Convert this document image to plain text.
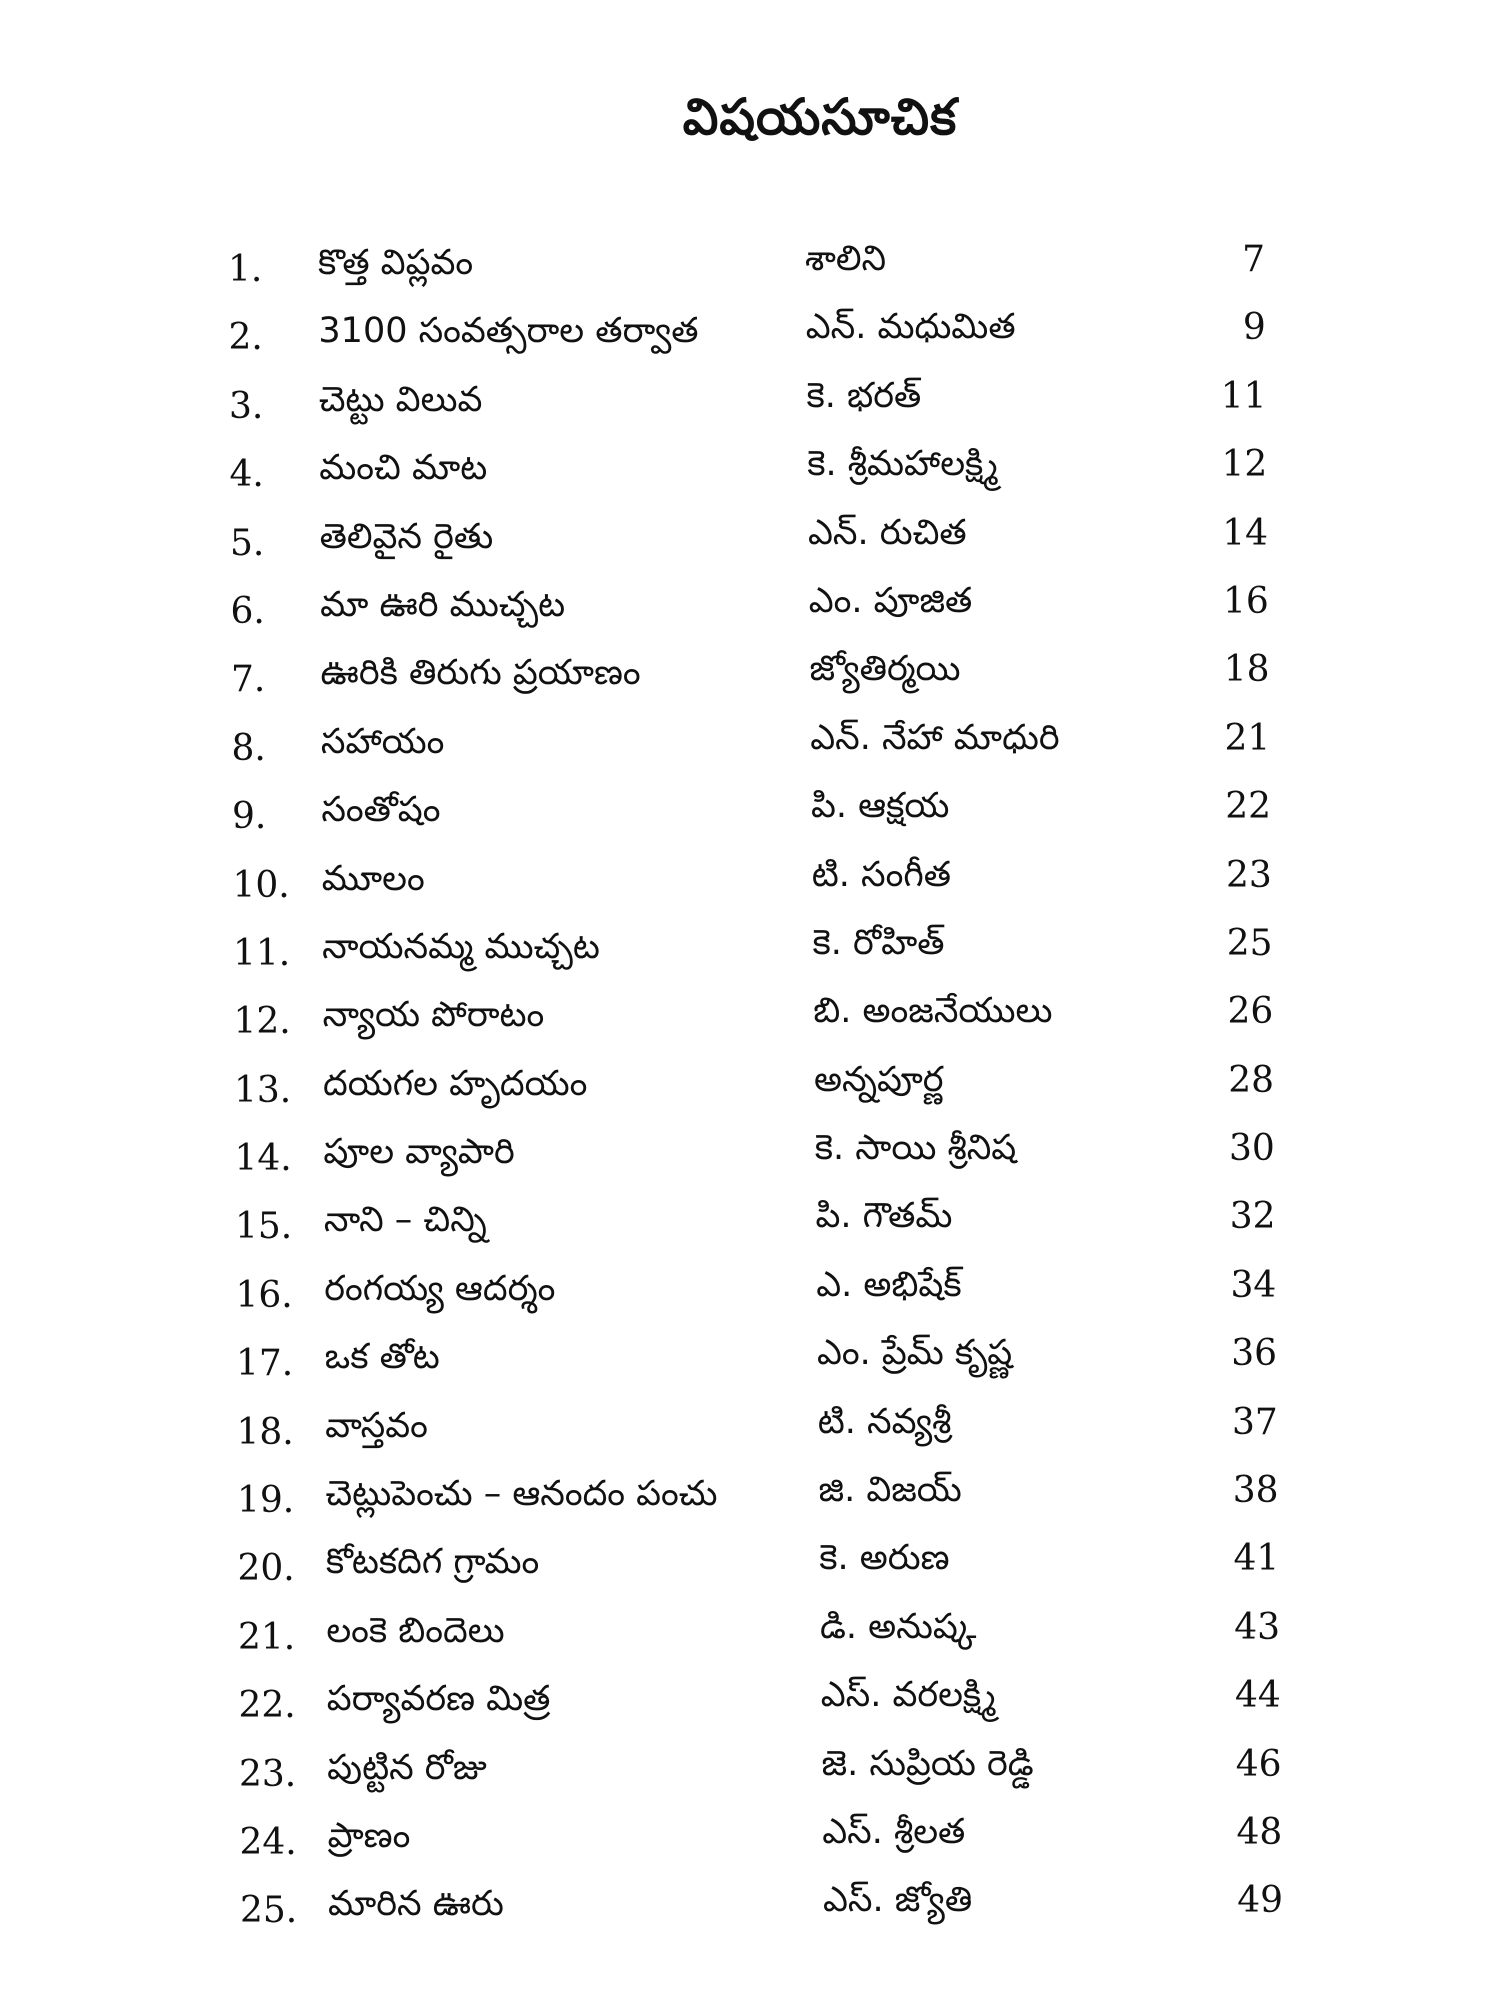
విషయసూచిక
1. కొత్త విప్లవం	శాలిని	7
2. 3100 సంవత్సరాల తర్వాత	ఎన్. మధుమిత	9
3. చెట్టు విలువ	కె. భరత్	11
4. మంచి మాట	కె. శ్రీమహాలక్ష్మి	12
5. తెలివైన రైతు	ఎన్. రుచిత	14
6. మా ఊరి ముచ్చట	ఎం. పూజిత	16
7. ఊరికి తిరుగు ప్రయాణం	జ్యోతిర్మయి	18
8. సహాయం	ఎన్. నేహా మాధురి	21
9. సంతోషం	పి. ఆక్షయ	22
10. మూలం	టి. సంగీత	23
11. నాయనమ్మ ముచ్చట	కె. రోహిత్	25
12. న్యాయ పోరాటం	బి. అంజనేయులు	26
13. దయగల హృదయం	అన్నపూర్ణ	28
14. పూల వ్యాపారి	కె. సాయి శ్రీనిష	30
15. నాని – చిన్ని	పి. గౌతమ్	32
16. రంగయ్య ఆదర్శం	ఎ. అభిషేక్	34
17. ఒక తోట	ఎం. ప్రేమ్ కృష్ణ	36
18. వాస్తవం	టి. నవ్యశ్రీ	37
19. చెట్లుపెంచు – ఆనందం పంచు	జి. విజయ్	38
20. కోటకదిగ గ్రామం	కె. అరుణ	41
21. లంకె బిందెలు	డి. అనుష్క	43
22. పర్యావరణ మిత్ర	ఎస్. వరలక్ష్మి	44
23. పుట్టిన రోజు	జె. సుప్రియ రెడ్డి	46
24. ప్రాణం	ఎస్. శ్రీలత	48
25. మారిన ఊరు	ఎస్. జ్యోతి	49
